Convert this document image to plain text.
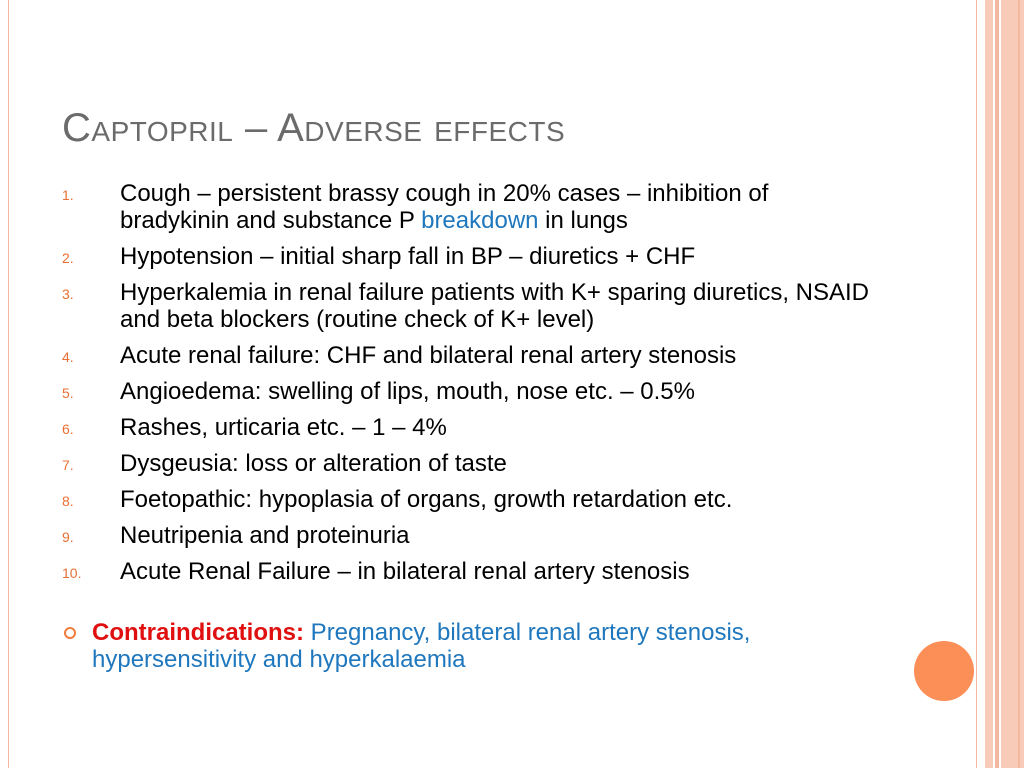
Captopril – Adverse effects
1. Cough – persistent brassy cough in 20% cases – inhibition of bradykinin and substance P breakdown in lungs
2. Hypotension – initial sharp fall in BP – diuretics + CHF
3. Hyperkalemia in renal failure patients with K+ sparing diuretics, NSAID and beta blockers (routine check of K+ level)
4. Acute renal failure: CHF and bilateral renal artery stenosis
5. Angioedema: swelling of lips, mouth, nose etc. – 0.5%
6. Rashes, urticaria etc. – 1 – 4%
7. Dysgeusia: loss or alteration of taste
8. Foetopathic: hypoplasia of organs, growth retardation etc.
9. Neutripenia and proteinuria
10. Acute Renal Failure – in bilateral renal artery stenosis
Contraindications: Pregnancy, bilateral renal artery stenosis, hypersensitivity and hyperkalaemia
